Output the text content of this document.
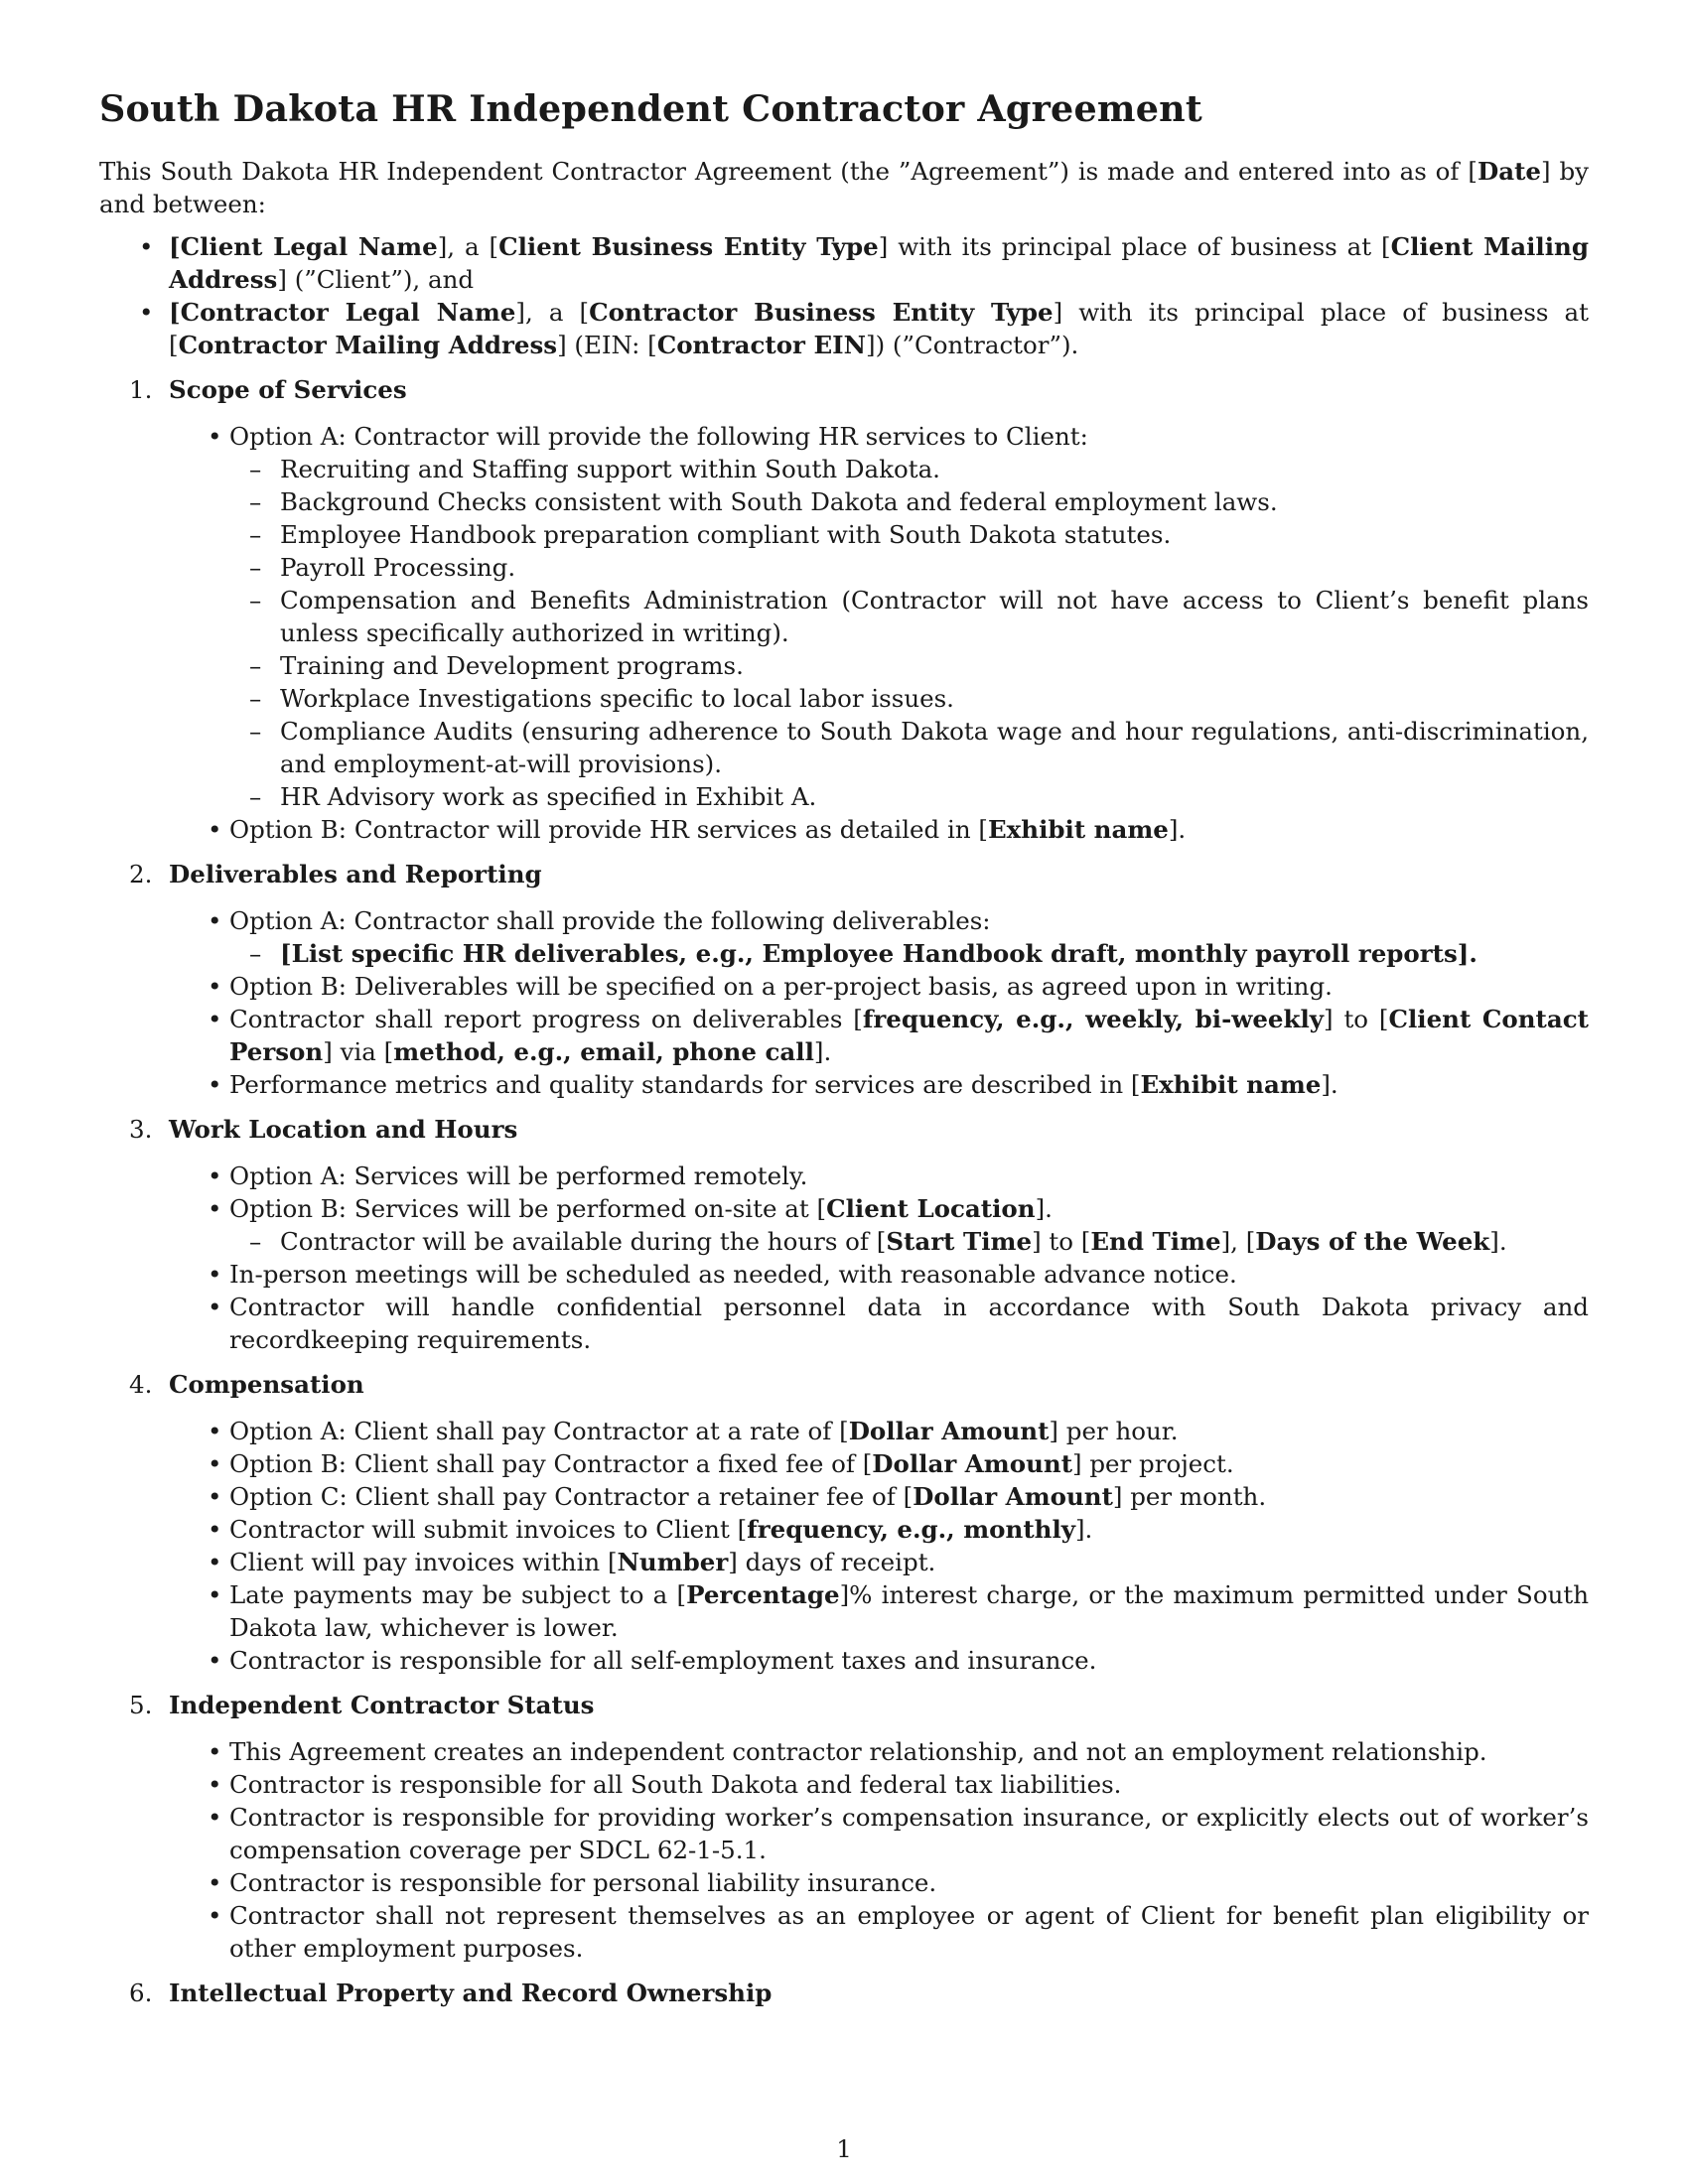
South Dakota HR Independent Contractor Agreement

This South Dakota HR Independent Contractor Agreement (the ”Agreement”) is made and entered into as of [Date] by and between:

• [Client Legal Name], a [Client Business Entity Type] with its principal place of business at [Client Mailing Address] (”Client”), and
• [Contractor Legal Name], a [Contractor Business Entity Type] with its principal place of business at [Contractor Mailing Address] (EIN: [Contractor EIN]) (”Contractor”).
1. Scope of Services
• Option A: Contractor will provide the following HR services to Client:
– Recruiting and Staffing support within South Dakota.
– Background Checks consistent with South Dakota and federal employment laws.
– Employee Handbook preparation compliant with South Dakota statutes.
– Payroll Processing.
– Compensation and Benefits Administration (Contractor will not have access to Client’s benefit plans unless specifically authorized in writing).
– Training and Development programs.
– Workplace Investigations specific to local labor issues.
– Compliance Audits (ensuring adherence to South Dakota wage and hour regulations, anti-discrimination, and employment-at-will provisions).
– HR Advisory work as specified in Exhibit A.
• Option B: Contractor will provide HR services as detailed in [Exhibit name].
2. Deliverables and Reporting
• Option A: Contractor shall provide the following deliverables:
– [List specific HR deliverables, e.g., Employee Handbook draft, monthly payroll reports].
• Option B: Deliverables will be specified on a per-project basis, as agreed upon in writing.
• Contractor shall report progress on deliverables [frequency, e.g., weekly, bi-weekly] to [Client Contact Person] via [method, e.g., email, phone call].
• Performance metrics and quality standards for services are described in [Exhibit name].
3. Work Location and Hours
• Option A: Services will be performed remotely.
• Option B: Services will be performed on-site at [Client Location].
– Contractor will be available during the hours of [Start Time] to [End Time], [Days of the Week].
• In-person meetings will be scheduled as needed, with reasonable advance notice.
• Contractor will handle confidential personnel data in accordance with South Dakota privacy and recordkeeping requirements.
4. Compensation
• Option A: Client shall pay Contractor at a rate of [Dollar Amount] per hour.
• Option B: Client shall pay Contractor a fixed fee of [Dollar Amount] per project.
• Option C: Client shall pay Contractor a retainer fee of [Dollar Amount] per month.
• Contractor will submit invoices to Client [frequency, e.g., monthly].
• Client will pay invoices within [Number] days of receipt.
• Late payments may be subject to a [Percentage]% interest charge, or the maximum permitted under South Dakota law, whichever is lower.
• Contractor is responsible for all self-employment taxes and insurance.
5. Independent Contractor Status
• This Agreement creates an independent contractor relationship, and not an employment relationship.
• Contractor is responsible for all South Dakota and federal tax liabilities.
• Contractor is responsible for providing worker’s compensation insurance, or explicitly elects out of worker’s compensation coverage per SDCL 62-1-5.1.
• Contractor is responsible for personal liability insurance.
• Contractor shall not represent themselves as an employee or agent of Client for benefit plan eligibility or other employment purposes.
6. Intellectual Property and Record Ownership
1
